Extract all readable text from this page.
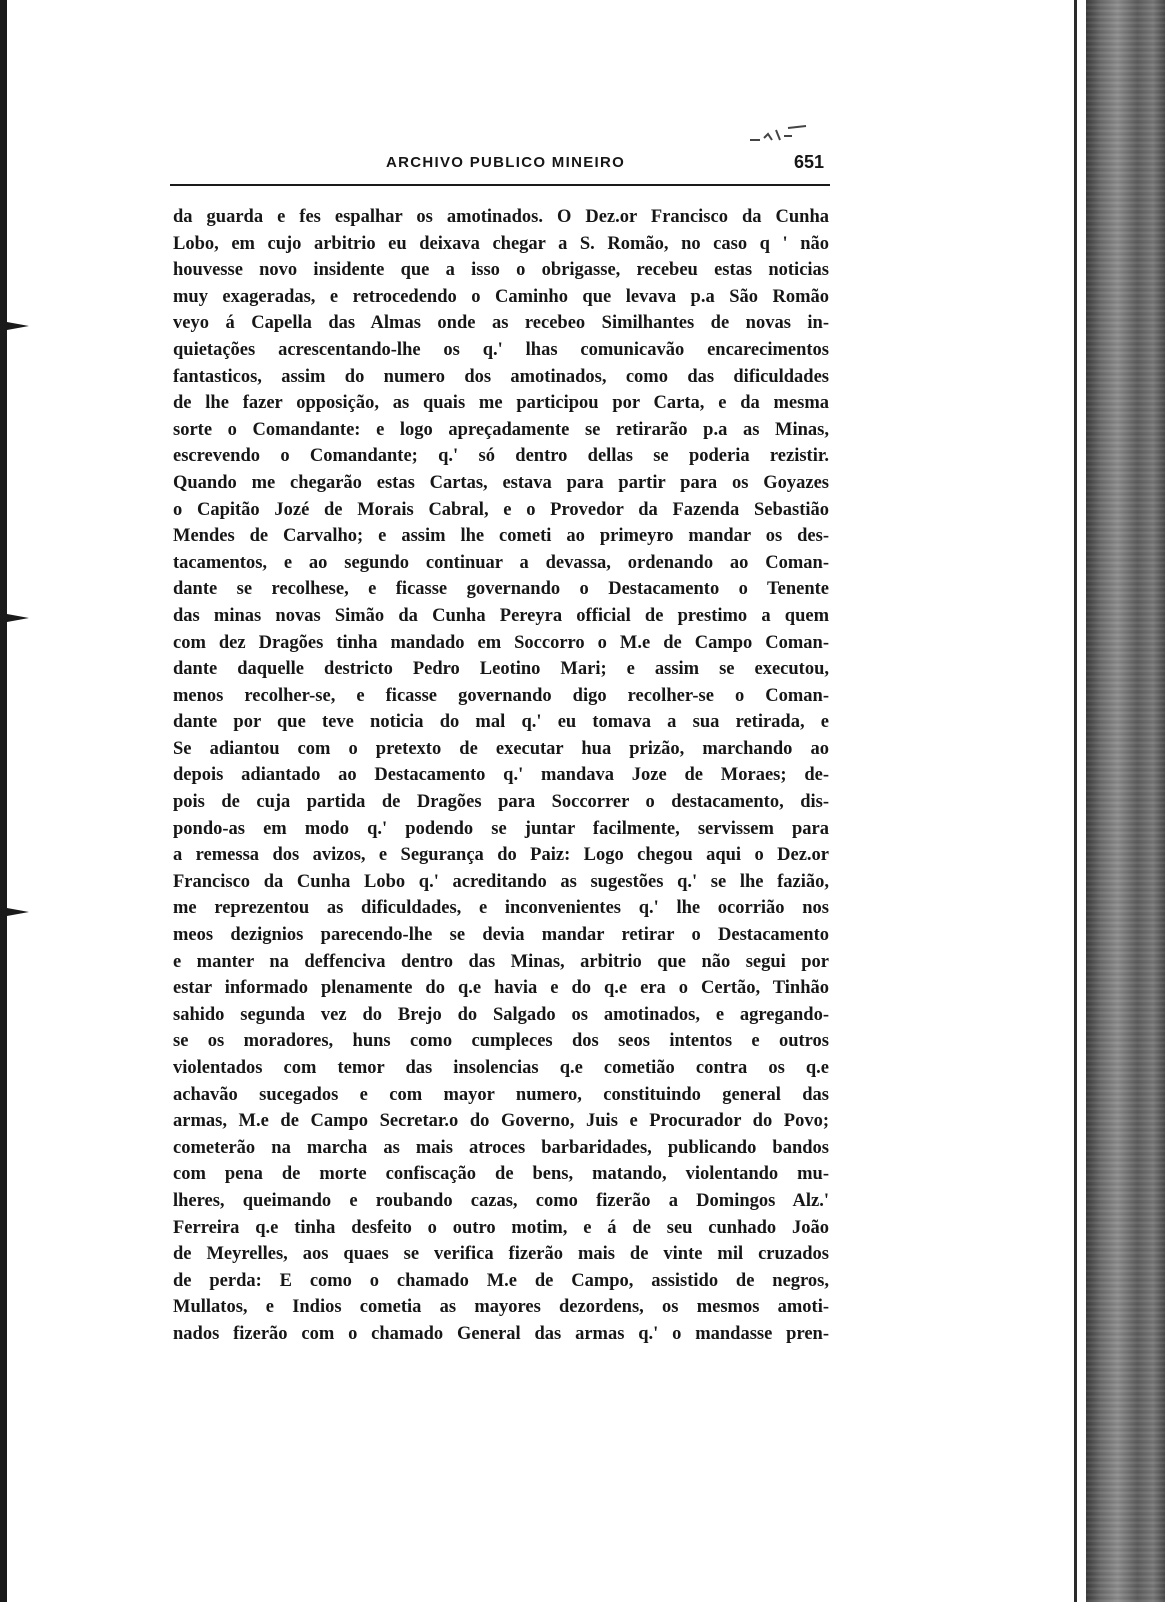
ARCHIVO PUBLICO MINEIRO	651
da guarda e fes espalhar os amotinados. O Dez.or Francisco da Cunha
Lobo, em cujo arbitrio eu deixava chegar a S. Romão, no caso q ' não
houvesse novo insidente que a isso o obrigasse, recebeu estas noticias
muy exageradas, e retrocedendo o Caminho que levava p.a São Romão
veyo á Capella das Almas onde as recebeo Similhantes de novas in-
quietações acrescentando-lhe os q.' lhas comunicavão encarecimentos
fantasticos, assim do numero dos amotinados, como das dificuldades
de lhe fazer opposição, as quais me participou por Carta, e da mesma
sorte o Comandante: e logo apreçadamente se retirarão p.a as Minas,
escrevendo o Comandante; q.' só dentro dellas se poderia rezistir.
Quando me chegarão estas Cartas, estava para partir para os Goyazes
o Capitão Jozé de Morais Cabral, e o Provedor da Fazenda Sebastião
Mendes de Carvalho; e assim lhe cometi ao primeyro mandar os des-
tacamentos, e ao segundo continuar a devassa, ordenando ao Coman-
dante se recolhese, e ficasse governando o Destacamento o Tenente
das minas novas Simão da Cunha Pereyra official de prestimo a quem
com dez Dragões tinha mandado em Soccorro o M.e de Campo Coman-
dante daquelle destricto Pedro Leotino Mari; e assim se executou,
menos recolher-se, e ficasse governando digo recolher-se o Coman-
dante por que teve noticia do mal q.' eu tomava a sua retirada, e
Se adiantou com o pretexto de executar hua prizão, marchando ao
depois adiantado ao Destacamento q.' mandava Joze de Moraes; de-
pois de cuja partida de Dragões para Soccorrer o destacamento, dis-
pondo-as em modo q.' podendo se juntar facilmente, servissem para
a remessa dos avizos, e Segurança do Paiz: Logo chegou aqui o Dez.or
Francisco da Cunha Lobo q.' acreditando as sugestões q.' se lhe fazião,
me reprezentou as dificuldades, e inconvenientes q.' lhe ocorrião nos
meos dezignios parecendo-lhe se devia mandar retirar o Destacamento
e manter na deffenciva dentro das Minas, arbitrio que não segui por
estar informado plenamente do q.e havia e do q.e era o Certão, Tinhão
sahido segunda vez do Brejo do Salgado os amotinados, e agregando-
se os moradores, huns como cumpleces dos seos intentos e outros
violentados com temor das insolencias q.e cometião contra os q.e
achavão sucegados e com mayor numero, constituindo general das
armas, M.e de Campo Secretar.o do Governo, Juis e Procurador do Povo;
cometerão na marcha as mais atroces barbaridades, publicando bandos
com pena de morte confiscação de bens, matando, violentando mu-
lheres, queimando e roubando cazas, como fizerão a Domingos Alz.'
Ferreira q.e tinha desfeito o outro motim, e á de seu cunhado João
de Meyrelles, aos quaes se verifica fizerão mais de vinte mil cruzados
de perda: E como o chamado M.e de Campo, assistido de negros,
Mullatos, e Indios cometia as mayores dezordens, os mesmos amoti-
nados fizerão com o chamado General das armas q.' o mandasse pren-
